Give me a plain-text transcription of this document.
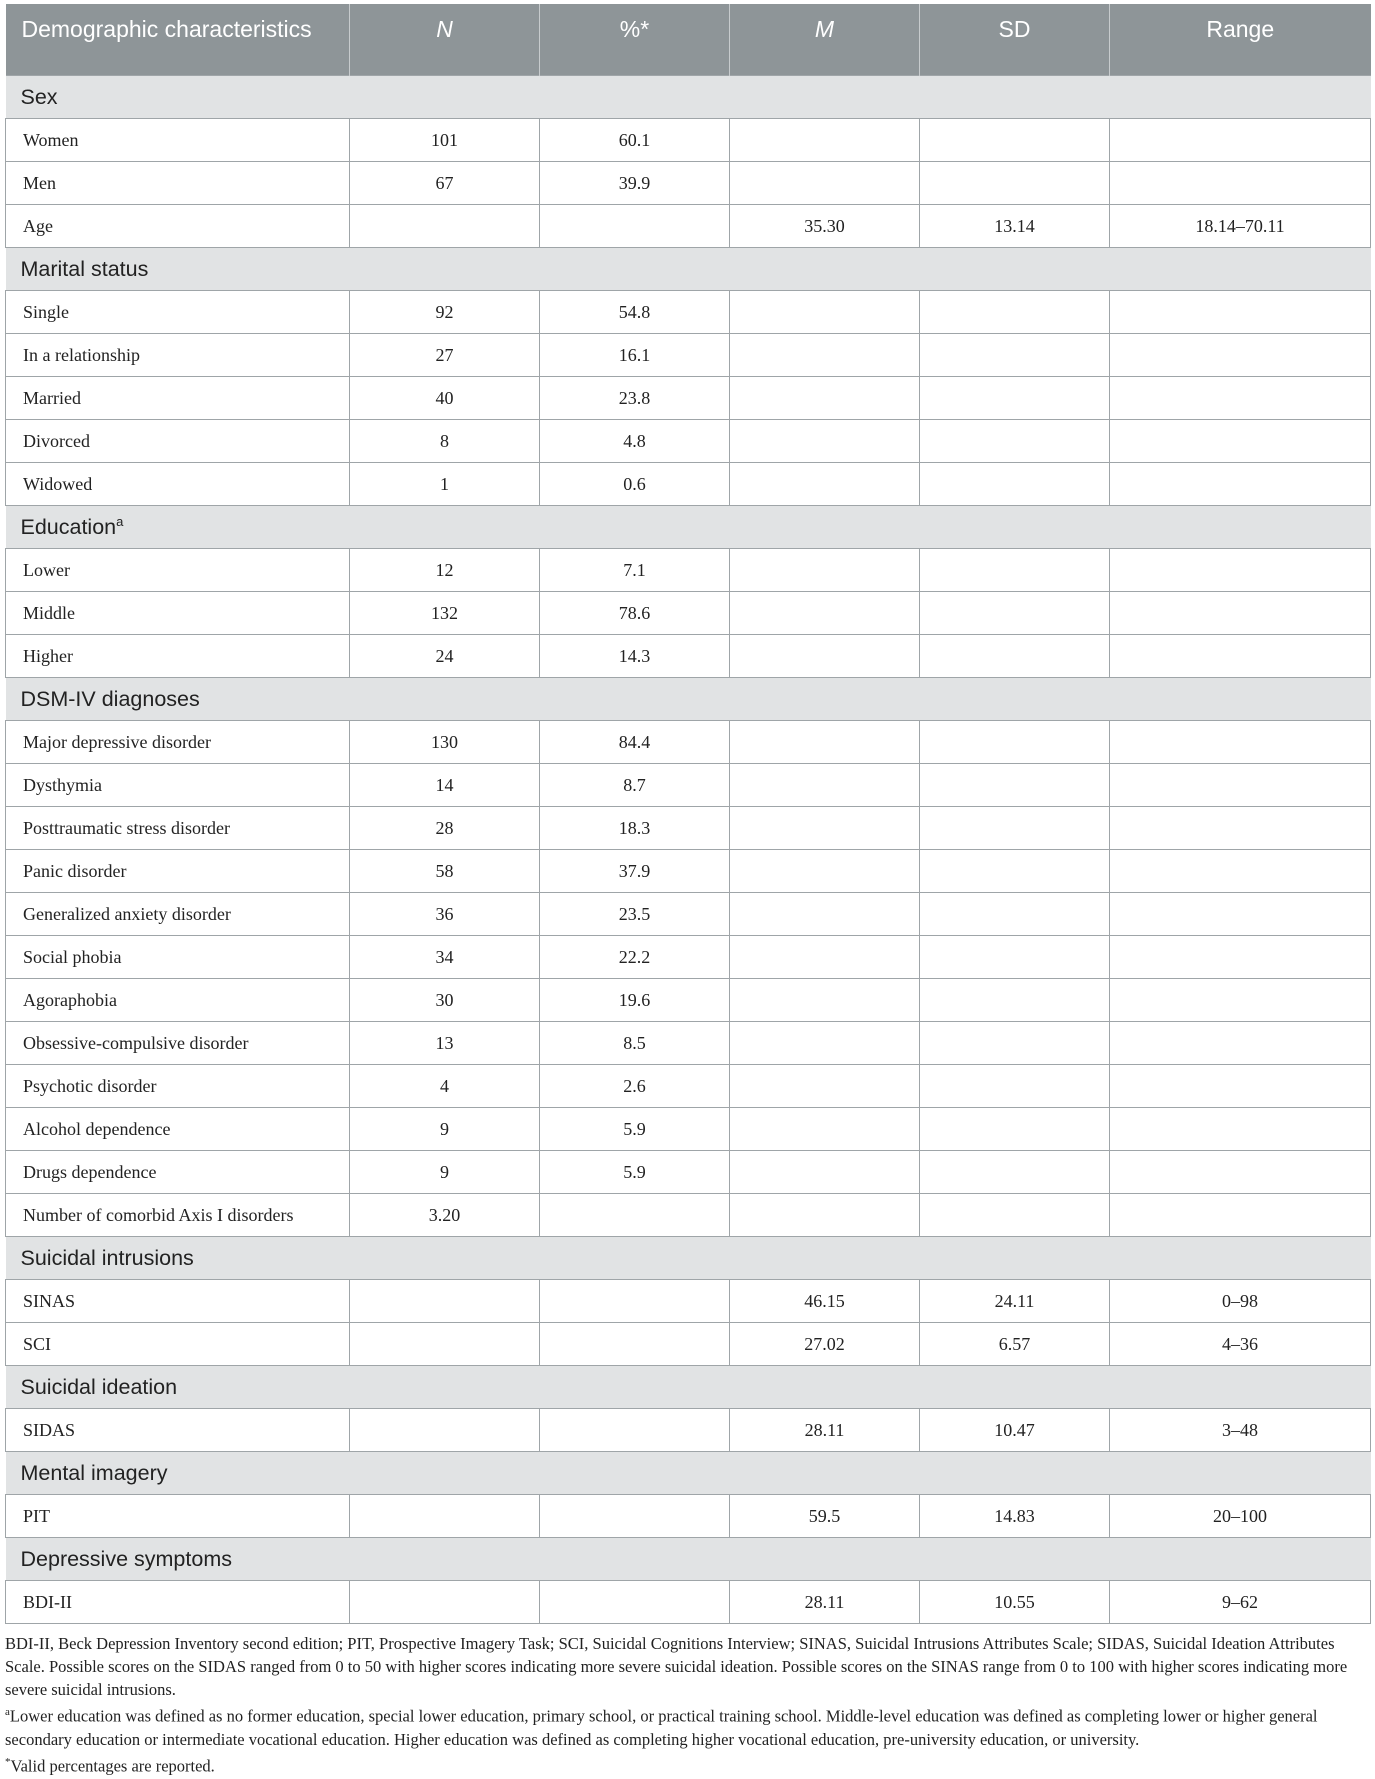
Demographic characteristics	N	%*	M	SD	Range
Sex					
Women	101	60.1			
Men	67	39.9			
Age			35.30	13.14	18.14–70.11
Marital status					
Single	92	54.8			
In a relationship	27	16.1			
Married	40	23.8			
Divorced	8	4.8			
Widowed	1	0.6			
Education$^a$
Lower	12	7.1			
Middle	132	78.6			
Higher	24	14.3			
DSM-IV diagnoses					
Major depressive disorder	130	84.4			
Dysthymia	14	8.7			
Posttraumatic stress disorder	28	18.3			
Panic disorder	58	37.9			
Generalized anxiety disorder	36	23.5			
Social phobia	34	22.2			
Agoraphobia	30	19.6			
Obsessive-compulsive disorder	13	8.5			
Psychotic disorder	4	2.6			
Alcohol dependence	9	5.9			
Drugs dependence	9	5.9			
Number of comorbid Axis I disorders	3.20				
Suicidal intrusions					
SINAS			46.15	24.11	0–98
SCI			27.02	6.57	4–36
Suicidal ideation					
SIDAS			28.11	10.47	3–48
Mental imagery					
PIT			59.5	14.83	20–100
Depressive symptoms					
BDI-II			28.11	10.55	9–62

BDI-II, Beck Depression Inventory second edition; PIT, Prospective Imagery Task; SCI, Suicidal Cognitions Interview; SINAS, Suicidal Intrusions Attributes Scale; SIDAS, Suicidal Ideation Attributes Scale. Possible scores on the SIDAS ranged from 0 to 50 with higher scores indicating more severe suicidal ideation. Possible scores on the SINAS range from 0 to 100 with higher scores indicating more severe suicidal intrusions.

$^a$Lower education was defined as no former education, special lower education, primary school, or practical training school. Middle-level education was defined as completing lower or higher general secondary education or intermediate vocational education. Higher education was defined as completing higher vocational education, pre-university education, or university.

*Valid percentages are reported.
